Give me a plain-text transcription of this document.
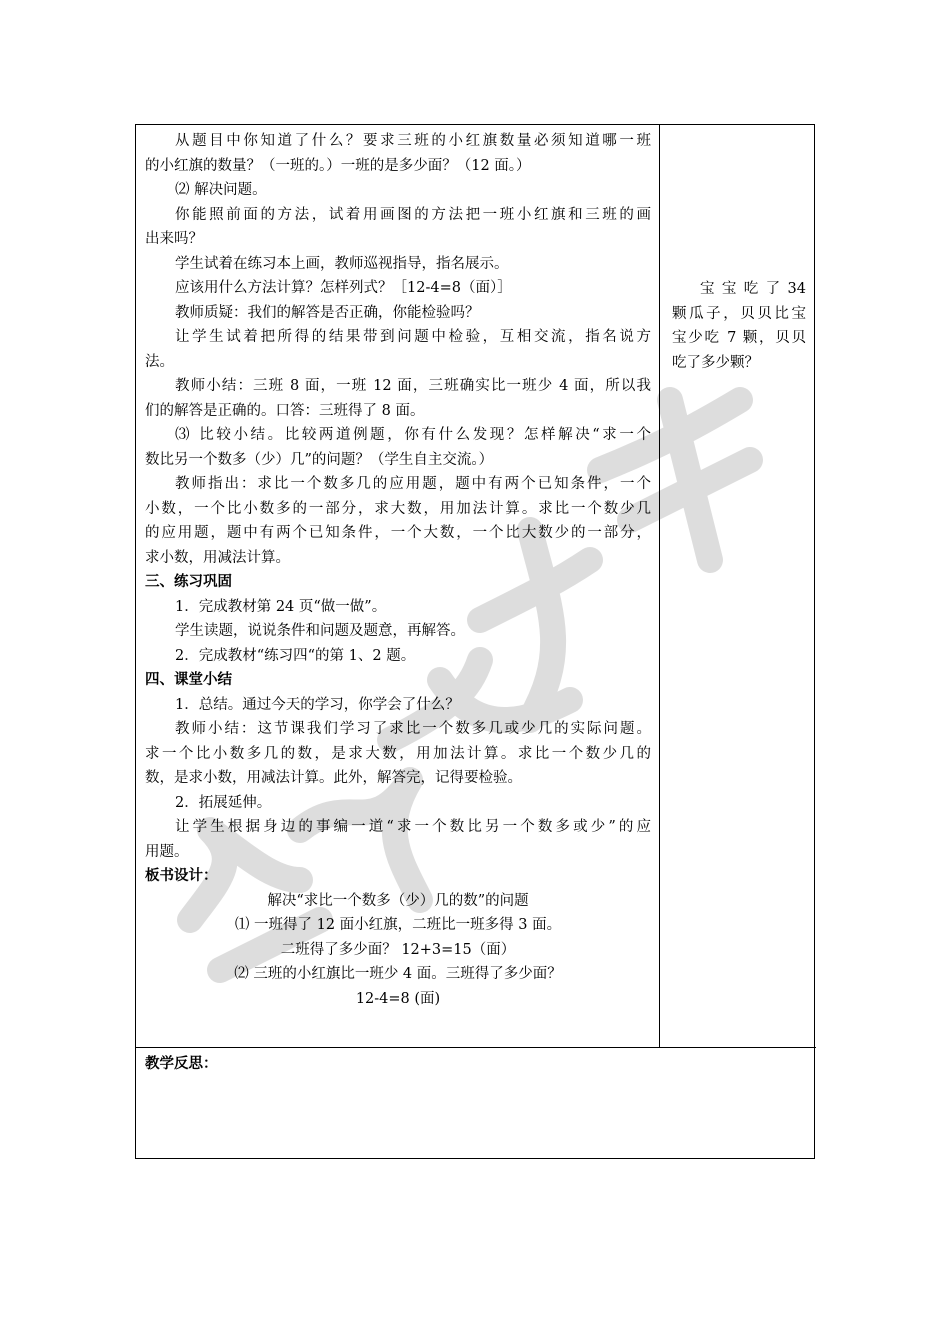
从题目中你知道了什么？要求三班的小红旗数量必须知道哪一班
的小红旗的数量？（一班的。）一班的是多少面？（12 面。）
⑵ 解决问题。
你能照前面的方法，试着用画图的方法把一班小红旗和三班的画
出来吗？
学生试着在练习本上画，教师巡视指导，指名展示。
应该用什么方法计算？怎样列式？［12-4=8（面）］
教师质疑：我们的解答是否正确，你能检验吗？
让学生试着把所得的结果带到问题中检验，互相交流，指名说方
法。
教师小结：三班 8 面，一班 12 面，三班确实比一班少 4 面，所以我
们的解答是正确的。口答：三班得了 8 面。
⑶ 比较小结。比较两道例题，你有什么发现？怎样解决“求一个
数比另一个数多（少）几”的问题？（学生自主交流。）
教师指出：求比一个数多几的应用题，题中有两个已知条件，一个
小数，一个比小数多的一部分，求大数，用加法计算。求比一个数少几
的应用题，题中有两个已知条件，一个大数，一个比大数少的一部分，
求小数，用减法计算。
三、练习巩固
1．完成教材第 24 页“做一做”。
学生读题，说说条件和问题及题意，再解答。
2．完成教材“练习四“的第 1、2 题。
四、课堂小结
1．总结。通过今天的学习，你学会了什么？
教师小结：这节课我们学习了求比一个数多几或少几的实际问题。
求一个比小数多几的数，是求大数，用加法计算。求比一个数少几的
数，是求小数，用减法计算。此外，解答完，记得要检验。
2．拓展延伸。
让学生根据身边的事编一道“求一个数比另一个数多或少”的应
用题。
板书设计：
解决“求比一个数多（少）几的数”的问题
⑴ 一班得了 12 面小红旗，二班比一班多得 3 面。
二班得了多少面？ 12+3=15（面）
⑵ 三班的小红旗比一班少 4 面。三班得了多少面？
12-4=8 (面)
宝 宝 吃 了 34
颗瓜子，贝贝比宝
宝少吃 7 颗，贝贝
吃了多少颗？
教学反思：
